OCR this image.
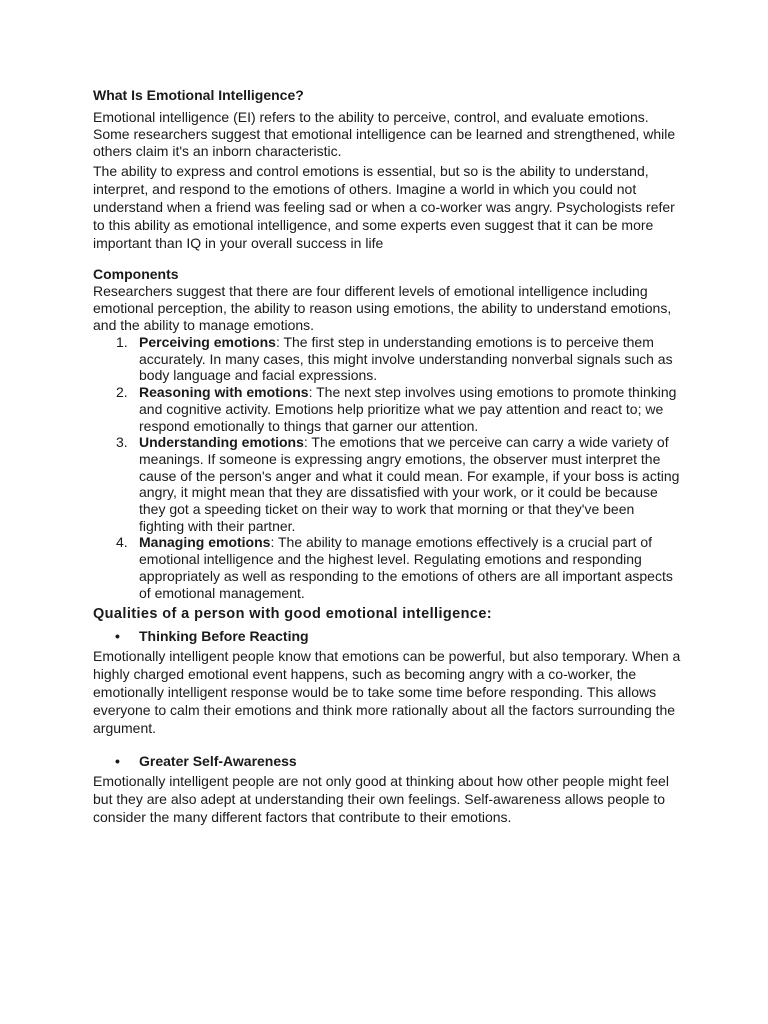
What Is Emotional Intelligence?

Emotional intelligence (EI) refers to the ability to perceive, control, and evaluate emotions. Some researchers suggest that emotional intelligence can be learned and strengthened, while others claim it's an inborn characteristic.

The ability to express and control emotions is essential, but so is the ability to understand, interpret, and respond to the emotions of others. Imagine a world in which you could not understand when a friend was feeling sad or when a co-worker was angry. Psychologists refer to this ability as emotional intelligence, and some experts even suggest that it can be more important than IQ in your overall success in life

Components

Researchers suggest that there are four different levels of emotional intelligence including emotional perception, the ability to reason using emotions, the ability to understand emotions, and the ability to manage emotions.

1. Perceiving emotions: The first step in understanding emotions is to perceive them accurately. In many cases, this might involve understanding nonverbal signals such as body language and facial expressions.
2. Reasoning with emotions: The next step involves using emotions to promote thinking and cognitive activity. Emotions help prioritize what we pay attention and react to; we respond emotionally to things that garner our attention.
3. Understanding emotions: The emotions that we perceive can carry a wide variety of meanings. If someone is expressing angry emotions, the observer must interpret the cause of the person's anger and what it could mean. For example, if your boss is acting angry, it might mean that they are dissatisfied with your work, or it could be because they got a speeding ticket on their way to work that morning or that they've been fighting with their partner.
4. Managing emotions: The ability to manage emotions effectively is a crucial part of emotional intelligence and the highest level. Regulating emotions and responding appropriately as well as responding to the emotions of others are all important aspects of emotional management.
Qualities of a person with good emotional intelligence:
• Thinking Before Reacting

Emotionally intelligent people know that emotions can be powerful, but also temporary. When a highly charged emotional event happens, such as becoming angry with a co-worker, the emotionally intelligent response would be to take some time before responding. This allows everyone to calm their emotions and think more rationally about all the factors surrounding the argument.

• Greater Self-Awareness

Emotionally intelligent people are not only good at thinking about how other people might feel but they are also adept at understanding their own feelings. Self-awareness allows people to consider the many different factors that contribute to their emotions.
